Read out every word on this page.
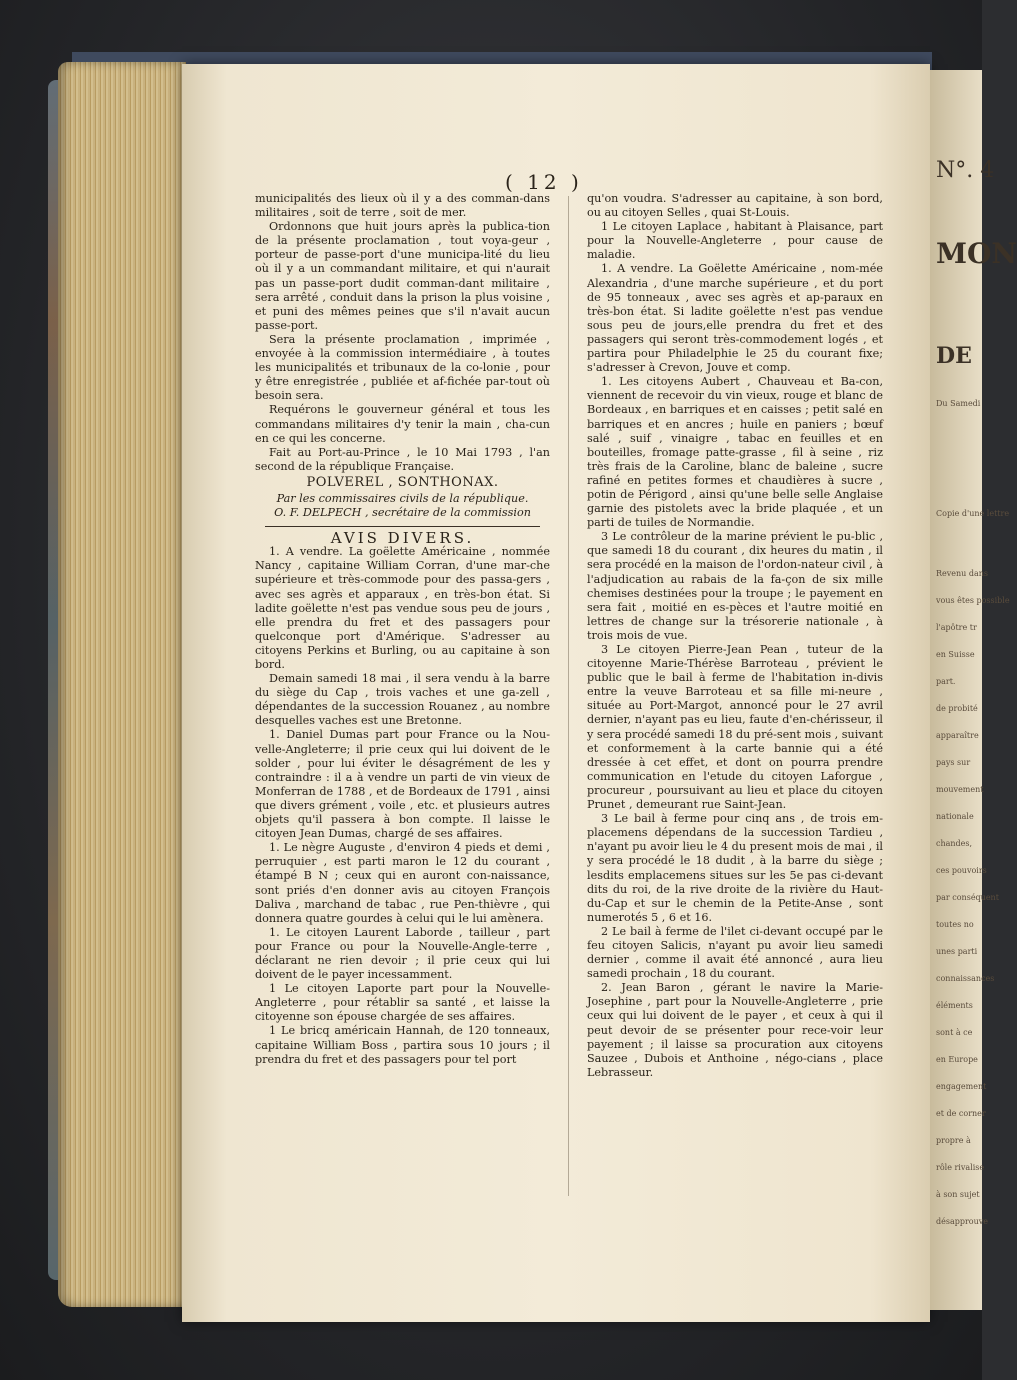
N°. 4
MON
DE
Du Samedi
Copie d'une lettre
Revenu dans
vous êtes possible
l'apôtre tr
en Suisse
part.
de probité
apparaître
pays sur
mouvement
nationale
chandes,
ces pouvoirs
par conséquent
toutes no
unes parti
connaissances
éléments
sont à ce
en Europe
engagement
et de corner
propre à
rôle rivalise
à son sujet
désapprouve
( 12 )

municipalités des lieux où il y a des comman-dans militaires , soit de terre , soit de mer.

Ordonnons que huit jours après la publica-tion de la présente proclamation , tout voya-geur , porteur de passe-port d'une municipa-lité du lieu où il y a un commandant militaire, et qui n'aurait pas un passe-port dudit comman-dant militaire , sera arrêté , conduit dans la prison la plus voisine , et puni des mêmes peines que s'il n'avait aucun passe-port.

Sera la présente proclamation , imprimée , envoyée à la commission intermédiaire , à toutes les municipalités et tribunaux de la co-lonie , pour y être enregistrée , publiée et af-fichée par-tout où besoin sera.

Requérons le gouverneur général et tous les commandans militaires d'y tenir la main , cha-cun en ce qui les concerne.

Fait au Port-au-Prince , le 10 Mai 1793 , l'an second de la république Française.

POLVEREL , SONTHONAX.

Par les commissaires civils de la république.

O. F. DELPECH , secrétaire de la commission

AVIS DIVERS.

1. A vendre. La goëlette Américaine , nommée Nancy , capitaine William Corran, d'une mar-che supérieure et très-commode pour des passa-gers , avec ses agrès et apparaux , en très-bon état. Si ladite goëlette n'est pas vendue sous peu de jours , elle prendra du fret et des passagers pour quelconque port d'Amérique. S'adresser au citoyens Perkins et Burling, ou au capitaine à son bord.

Demain samedi 18 mai , il sera vendu à la barre du siège du Cap , trois vaches et une ga-zell , dépendantes de la succession Rouanez , au nombre desquelles vaches est une Bretonne.

1. Daniel Dumas part pour France ou la Nou-velle-Angleterre; il prie ceux qui lui doivent de le solder , pour lui éviter le désagrément de les y contraindre : il a à vendre un parti de vin vieux de Monferran de 1788 , et de Bordeaux de 1791 , ainsi que divers grément , voile , etc. et plusieurs autres objets qu'il passera à bon compte. Il laisse le citoyen Jean Dumas, chargé de ses affaires.

1. Le nègre Auguste , d'environ 4 pieds et demi , perruquier , est parti maron le 12 du courant , étampé B N ; ceux qui en auront con-naissance, sont priés d'en donner avis au citoyen François Daliva , marchand de tabac , rue Pen-thièvre , qui donnera quatre gourdes à celui qui le lui amènera.

1. Le citoyen Laurent Laborde , tailleur , part pour France ou pour la Nouvelle-Angle-terre , déclarant ne rien devoir ; il prie ceux qui lui doivent de le payer incessamment.

1 Le citoyen Laporte part pour la Nouvelle-Angleterre , pour rétablir sa santé , et laisse la citoyenne son épouse chargée de ses affaires.

1 Le bricq américain Hannah, de 120 tonneaux, capitaine William Boss , partira sous 10 jours ; il prendra du fret et des passagers pour tel port

qu'on voudra. S'adresser au capitaine, à son bord, ou au citoyen Selles , quai St-Louis.

1 Le citoyen Laplace , habitant à Plaisance, part pour la Nouvelle-Angleterre , pour cause de maladie.

1. A vendre. La Goëlette Américaine , nom-mée Alexandria , d'une marche supérieure , et du port de 95 tonneaux , avec ses agrès et ap-paraux en très-bon état. Si ladite goëlette n'est pas vendue sous peu de jours,elle prendra du fret et des passagers qui seront très-commodement logés , et partira pour Philadelphie le 25 du courant fixe; s'adresser à Crevon, Jouve et comp.

1. Les citoyens Aubert , Chauveau et Ba-con, viennent de recevoir du vin vieux, rouge et blanc de Bordeaux , en barriques et en caisses ; petit salé en barriques et en ancres ; huile en paniers ; bœuf salé , suif , vinaigre , tabac en feuilles et en bouteilles, fromage patte-grasse , fil à seine , riz très frais de la Caroline, blanc de baleine , sucre rafiné en petites formes et chaudières à sucre , potin de Périgord , ainsi qu'une belle selle Anglaise garnie des pistolets avec la bride plaquée , et un parti de tuiles de Normandie.

3 Le contrôleur de la marine prévient le pu-blic , que samedi 18 du courant , dix heures du matin , il sera procédé en la maison de l'ordon-nateur civil , à l'adjudication au rabais de la fa-çon de six mille chemises destinées pour la troupe ; le payement en sera fait , moitié en es-pèces et l'autre moitié en lettres de change sur la trésorerie nationale , à trois mois de vue.

3 Le citoyen Pierre-Jean Pean , tuteur de la citoyenne Marie-Thérèse Barroteau , prévient le public que le bail à ferme de l'habitation in-divis entre la veuve Barroteau et sa fille mi-neure , située au Port-Margot, annoncé pour le 27 avril dernier, n'ayant pas eu lieu, faute d'en-chérisseur, il y sera procédé samedi 18 du pré-sent mois , suivant et conformement à la carte bannie qui a été dressée à cet effet, et dont on pourra prendre communication en l'etude du citoyen Laforgue , procureur , poursuivant au lieu et place du citoyen Prunet , demeurant rue Saint-Jean.

3 Le bail à ferme pour cinq ans , de trois em-placemens dépendans de la succession Tardieu , n'ayant pu avoir lieu le 4 du present mois de mai , il y sera procédé le 18 dudit , à la barre du siège ; lesdits emplacemens situes sur les 5e pas ci-devant dits du roi, de la rive droite de la rivière du Haut-du-Cap et sur le chemin de la Petite-Anse , sont numerotés 5 , 6 et 16.

2 Le bail à ferme de l'ilet ci-devant occupé par le feu citoyen Salicis, n'ayant pu avoir lieu samedi dernier , comme il avait été annoncé , aura lieu samedi prochain , 18 du courant.

2. Jean Baron , gérant le navire la Marie-Josephine , part pour la Nouvelle-Angleterre , prie ceux qui lui doivent de le payer , et ceux à qui il peut devoir de se présenter pour rece-voir leur payement ; il laisse sa procuration aux citoyens Sauzee , Dubois et Anthoine , négo-cians , place Lebrasseur.
